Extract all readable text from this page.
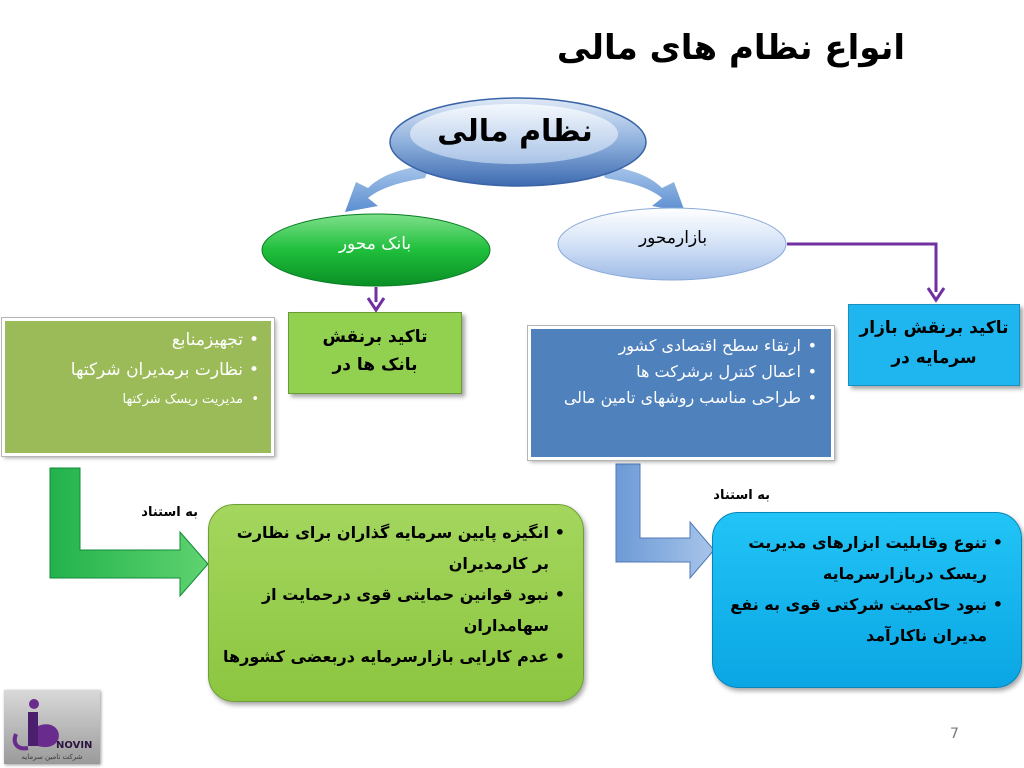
انواع نظام های مالی
نظام مالی
بانک محور	بازارمحور
تاکید برنقش
بانک ها در
تاکید برنقش بازار
سرمایه در
• تجهیزمنابع
• نظارت برمدیران شرکتها
• مدیریت ریسک شرکتها
• ارتقاء سطح اقتصادی کشور
• اعمال کنترل برشرکت ها
• طراحی مناسب روشهای تامین مالی
به استناد
به استناد
• انگیزه پایین سرمایه گذاران برای نظارت بر کارمدیران
• نبود قوانین حمایتی قوی درحمایت از سهامداران
• عدم کارایی بازارسرمایه دربعضی کشورها
• تنوع وقابلیت ابزارهای مدیریت ریسک دربازارسرمایه
• نبود حاکمیت شرکتی قوی به نفع مدیران ناکارآمد
NOVIN
شرکت تامین سرمایه
7
